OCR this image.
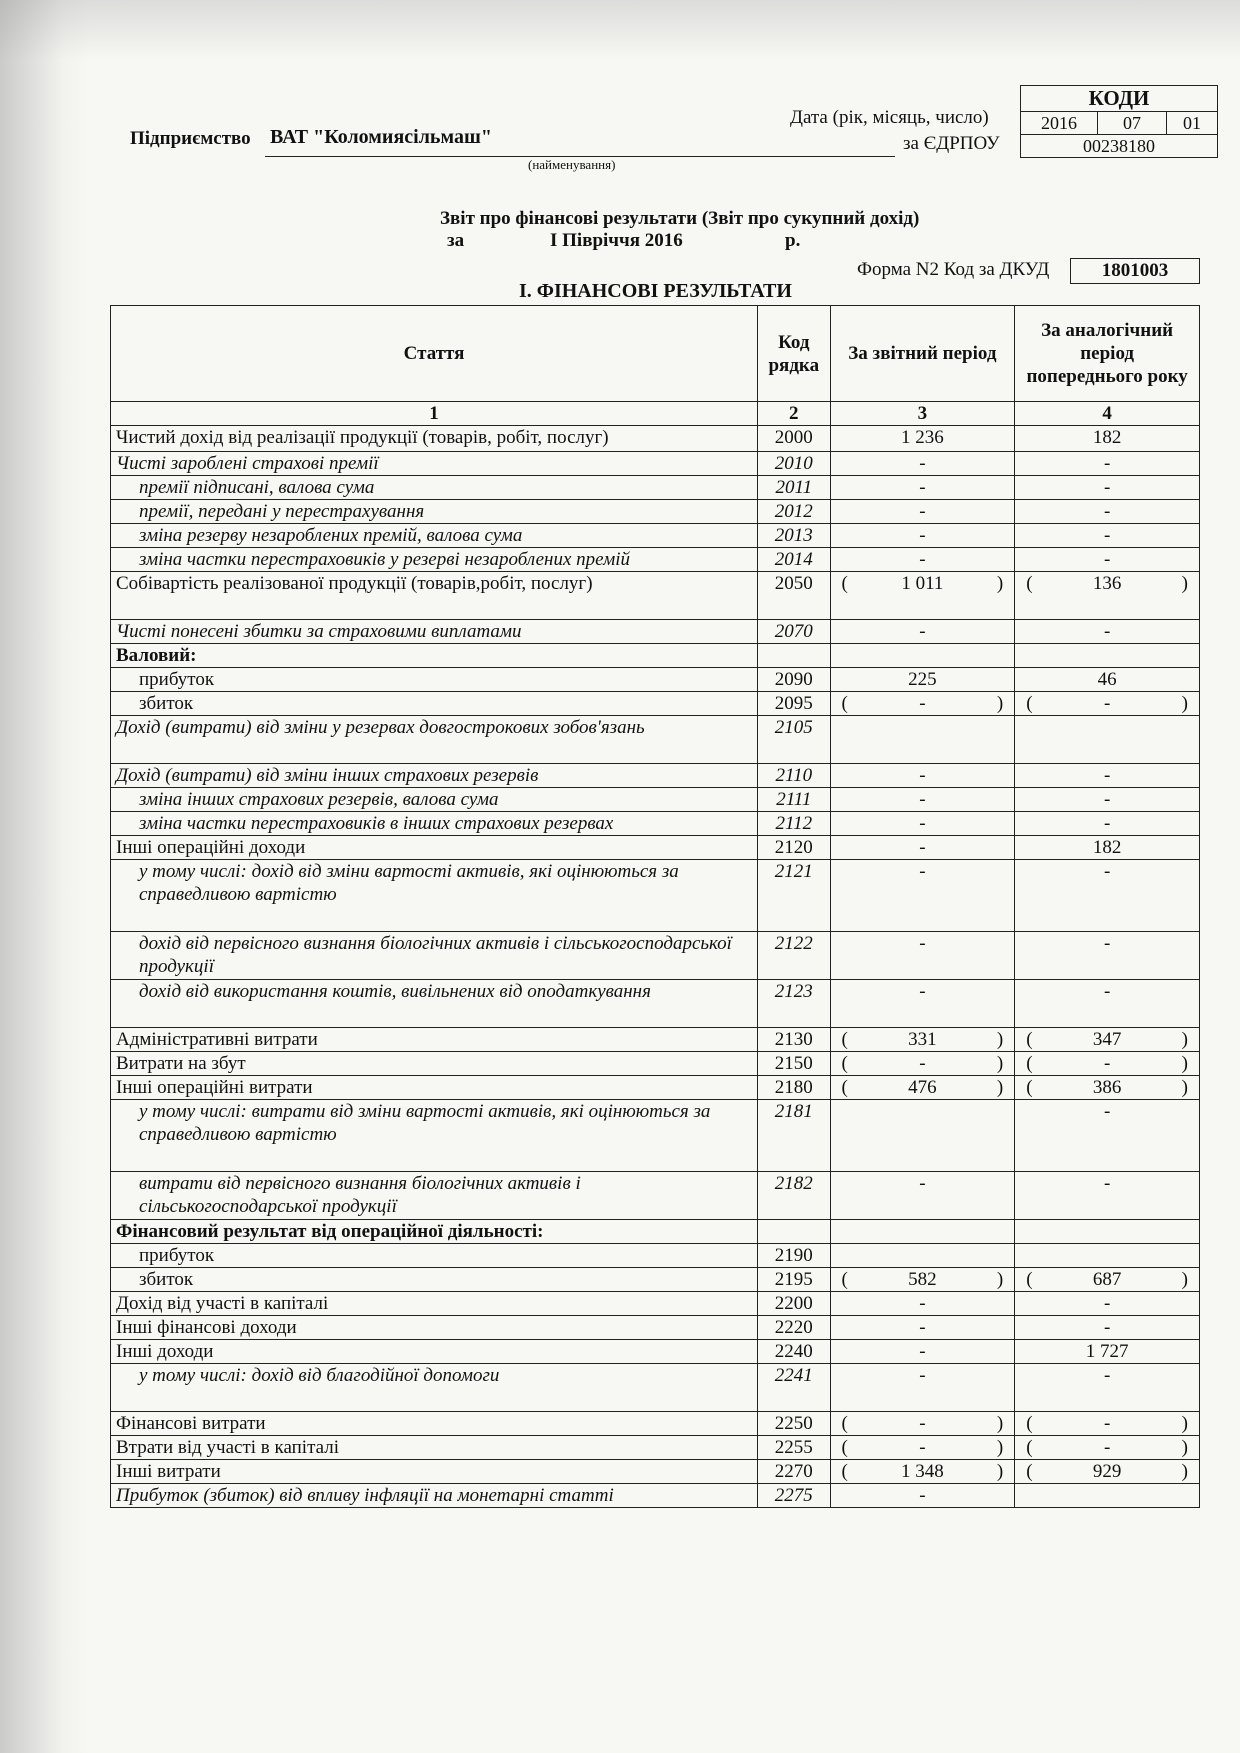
КОДИ
2016	07	01
00238180
Дата (рік, місяць, число)
за ЄДРПОУ
Підприємство ВАТ "Коломиясільмаш"
(найменування)
Звіт про фінансові результати (Звіт про сукупний дохід)
за	І Півріччя 2016	р.
Форма N2 Код за ДКУД	1801003
І. ФІНАНСОВІ РЕЗУЛЬТАТИ
Стаття	Код рядка	За звітний період	За аналогічний період попереднього року
1	2	3	4
Чистий дохід від реалізації продукції (товарів, робіт, послуг)	2000	1 236	182

Чисті зароблені страхові премії	2010	-	-

премії підписані, валова сума	2011	-	-

премії, передані у перестрахування	2012	-	-

зміна резерву незароблених премій, валова сума	2013	-	-

зміна частки перестраховиків у резерві незароблених премій	2014	-	-

Собівартість реалізованої продукції (товарів,робіт, послуг)	2050	( 1 011 )	( 136 )

Чисті понесені збитки за страховими виплатами	2070	-	-

Валовий:		

прибуток	2090	225	46

збиток	2095	( - )	( - )

Дохід (витрати) від зміни у резервах довгострокових зобов'язань	2105	

Дохід (витрати) від зміни інших страхових резервів	2110	-	-

зміна інших страхових резервів, валова сума	2111	-	-

зміна частки перестраховиків в інших страхових резервах	2112	-	-

Інші операційні доходи	2120	-	182

у тому числі: дохід від зміни вартості активів, які оцінюються за справедливою вартістю	2121	-	-

дохід від первісного визнання біологічних активів і сільськогосподарської продукції	2122	-	-

дохід від використання коштів, вивільнених від оподаткування	2123	-	-

Адміністративні витрати	2130	( 331 )	( 347 )

Витрати на збут	2150	( - )	( - )

Інші операційні витрати	2180	( 476 )	( 386 )

у тому числі: витрати від зміни вартості активів, які оцінюються за справедливою вартістю	2181		-

витрати від первісного визнання біологічних активів і сільськогосподарської продукції	2182	-	-

Фінансовий результат від операційної діяльності:		

прибуток	2190	

збиток	2195	( 582 )	( 687 )

Дохід від участі в капіталі	2200	-	-

Інші фінансові доходи	2220	-	-

Інші доходи	2240	-	1 727

у тому числі: дохід від благодійної допомоги	2241	-	-

Фінансові витрати	2250	( - )	( - )

Втрати від участі в капіталі	2255	( - )	( - )

Інші витрати	2270	( 1 348 )	( 929 )

Прибуток (збиток) від впливу інфляції на монетарні статті	2275	-	
